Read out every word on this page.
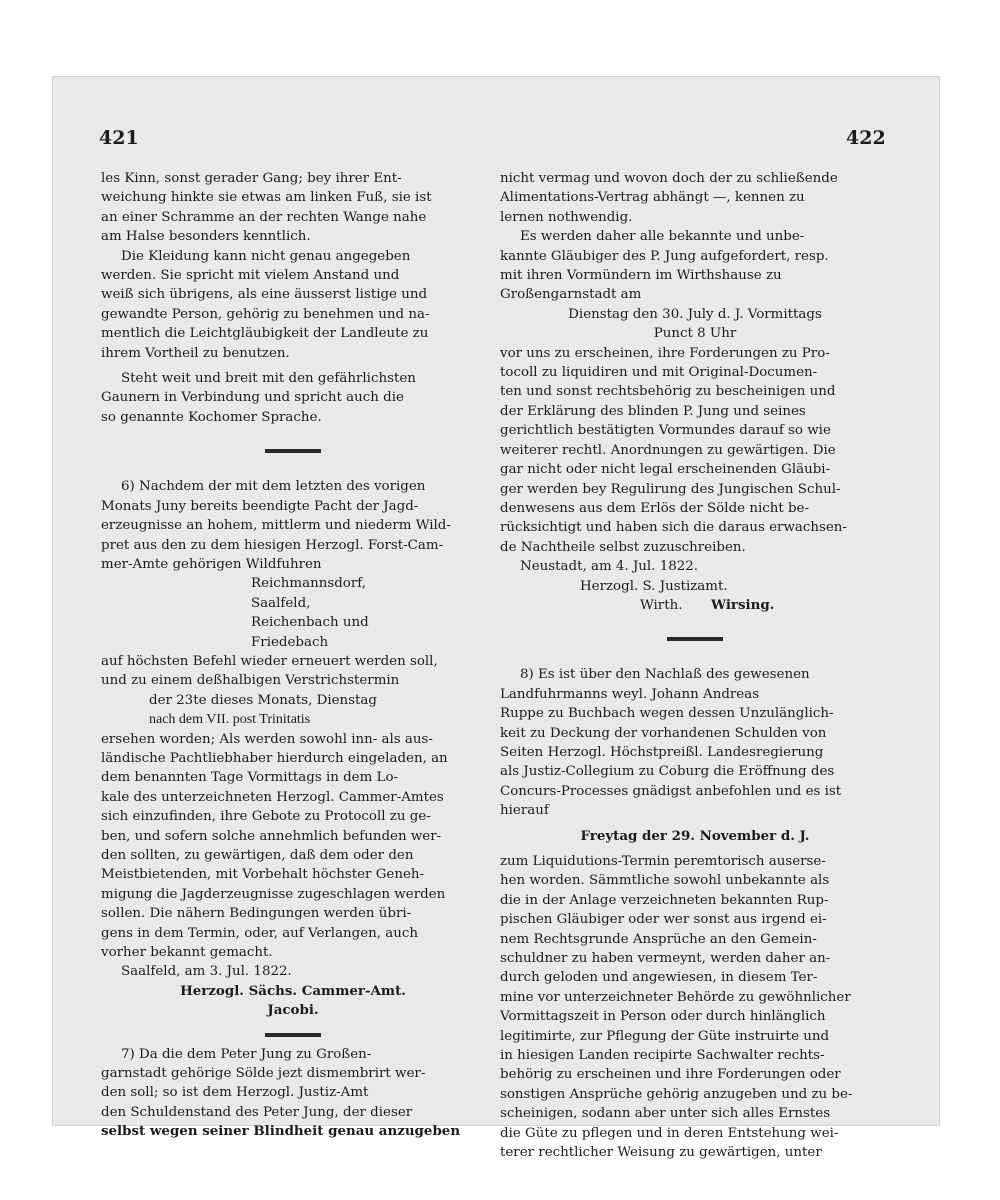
421	422
les Kinn, sonst gerader Gang; bey ihrer Ent-
weichung hinkte sie etwas am linken Fuß, sie ist
an einer Schramme an der rechten Wange nahe
am Halse besonders kenntlich.
Die Kleidung kann nicht genau angegeben
werden. Sie spricht mit vielem Anstand und
weiß sich übrigens, als eine äusserst listige und
gewandte Person, gehörig zu benehmen und na-
mentlich die Leichtgläubigkeit der Landleute zu
ihrem Vortheil zu benutzen.
Steht weit und breit mit den gefährlichsten
Gaunern in Verbindung und spricht auch die
so genannte Kochomer Sprache.
6) Nachdem der mit dem letzten des vorigen
Monats Juny bereits beendigte Pacht der Jagd-
erzeugnisse an hohem, mittlerm und niederm Wild-
pret aus den zu dem hiesigen Herzogl. Forst-Cam-
mer-Amte gehörigen Wildfuhren
Reichmannsdorf,
Saalfeld,
Reichenbach und
Friedebach
auf höchsten Befehl wieder erneuert werden soll,
und zu einem deßhalbigen Verstrichstermin
der 23te dieses Monats, Dienstag
nach dem VII. post Trinitatis
ersehen worden; Als werden sowohl inn- als aus-
ländische Pachtliebhaber hierdurch eingeladen, an
dem benannten Tage Vormittags in dem Lo-
kale des unterzeichneten Herzogl. Cammer-Amtes
sich einzufinden, ihre Gebote zu Protocoll zu ge-
ben, und sofern solche annehmlich befunden wer-
den sollten, zu gewärtigen, daß dem oder den
Meistbietenden, mit Vorbehalt höchster Geneh-
migung die Jagderzeugnisse zugeschlagen werden
sollen. Die nähern Bedingungen werden übri-
gens in dem Termin, oder, auf Verlangen, auch
vorher bekannt gemacht.
Saalfeld, am 3. Jul. 1822.
Herzogl. Sächs. Cammer-Amt.
Jacobi.
7) Da die dem Peter Jung zu Großen-
garnstadt gehörige Sölde jezt dismembrirt wer-
den soll; so ist dem Herzogl. Justiz-Amt
den Schuldenstand des Peter Jung, der dieser
selbst wegen seiner Blindheit genau anzugeben
nicht vermag und wovon doch der zu schließende
Alimentations-Vertrag abhängt —, kennen zu
lernen nothwendig.
Es werden daher alle bekannte und unbe-
kannte Gläubiger des P. Jung aufgefordert, resp.
mit ihren Vormündern im Wirthshause zu
Großengarnstadt am
Dienstag den 30. July d. J. Vormittags
Punct 8 Uhr
vor uns zu erscheinen, ihre Forderungen zu Pro-
tocoll zu liquidiren und mit Original-Documen-
ten und sonst rechtsbehörig zu bescheinigen und
der Erklärung des blinden P. Jung und seines
gerichtlich bestätigten Vormundes darauf so wie
weiterer rechtl. Anordnungen zu gewärtigen. Die
gar nicht oder nicht legal erscheinenden Gläubi-
ger werden bey Regulirung des Jungischen Schul-
denwesens aus dem Erlös der Sölde nicht be-
rücksichtigt und haben sich die daraus erwachsen-
de Nachtheile selbst zuzuschreiben.
Neustadt, am 4. Jul. 1822.
Herzogl. S. Justizamt.
Wirth. Wirsing.
8) Es ist über den Nachlaß des gewesenen
Landfuhrmanns weyl. Johann Andreas
Ruppe zu Buchbach wegen dessen Unzulänglich-
keit zu Deckung der vorhandenen Schulden von
Seiten Herzogl. Höchstpreißl. Landesregierung
als Justiz-Collegium zu Coburg die Eröffnung des
Concurs-Processes gnädigst anbefohlen und es ist
hierauf
Freytag der 29. November d. J.
zum Liquidutions-Termin peremtorisch ausersе-
hen worden. Sämmtliche sowohl unbekannte als
die in der Anlage verzeichneten bekannten Rup-
pischen Gläubiger oder wer sonst aus irgend ei-
nem Rechtsgrunde Ansprüche an den Gemein-
schuldner zu haben vermeynt, werden daher an-
durch geloden und angewiesen, in diesem Ter-
mine vor unterzeichneter Behörde zu gewöhnlicher
Vormittagszeit in Person oder durch hinlänglich
legitimirte, zur Pflegung der Güte instruirte und
in hiesigen Landen recipirte Sachwalter rechts-
behörig zu erscheinen und ihre Forderungen oder
sonstigen Ansprüche gehörig anzugeben und zu be-
scheinigen, sodann aber unter sich alles Ernstes
die Güte zu pflegen und in deren Entstehung wei-
terer rechtlicher Weisung zu gewärtigen, unter
